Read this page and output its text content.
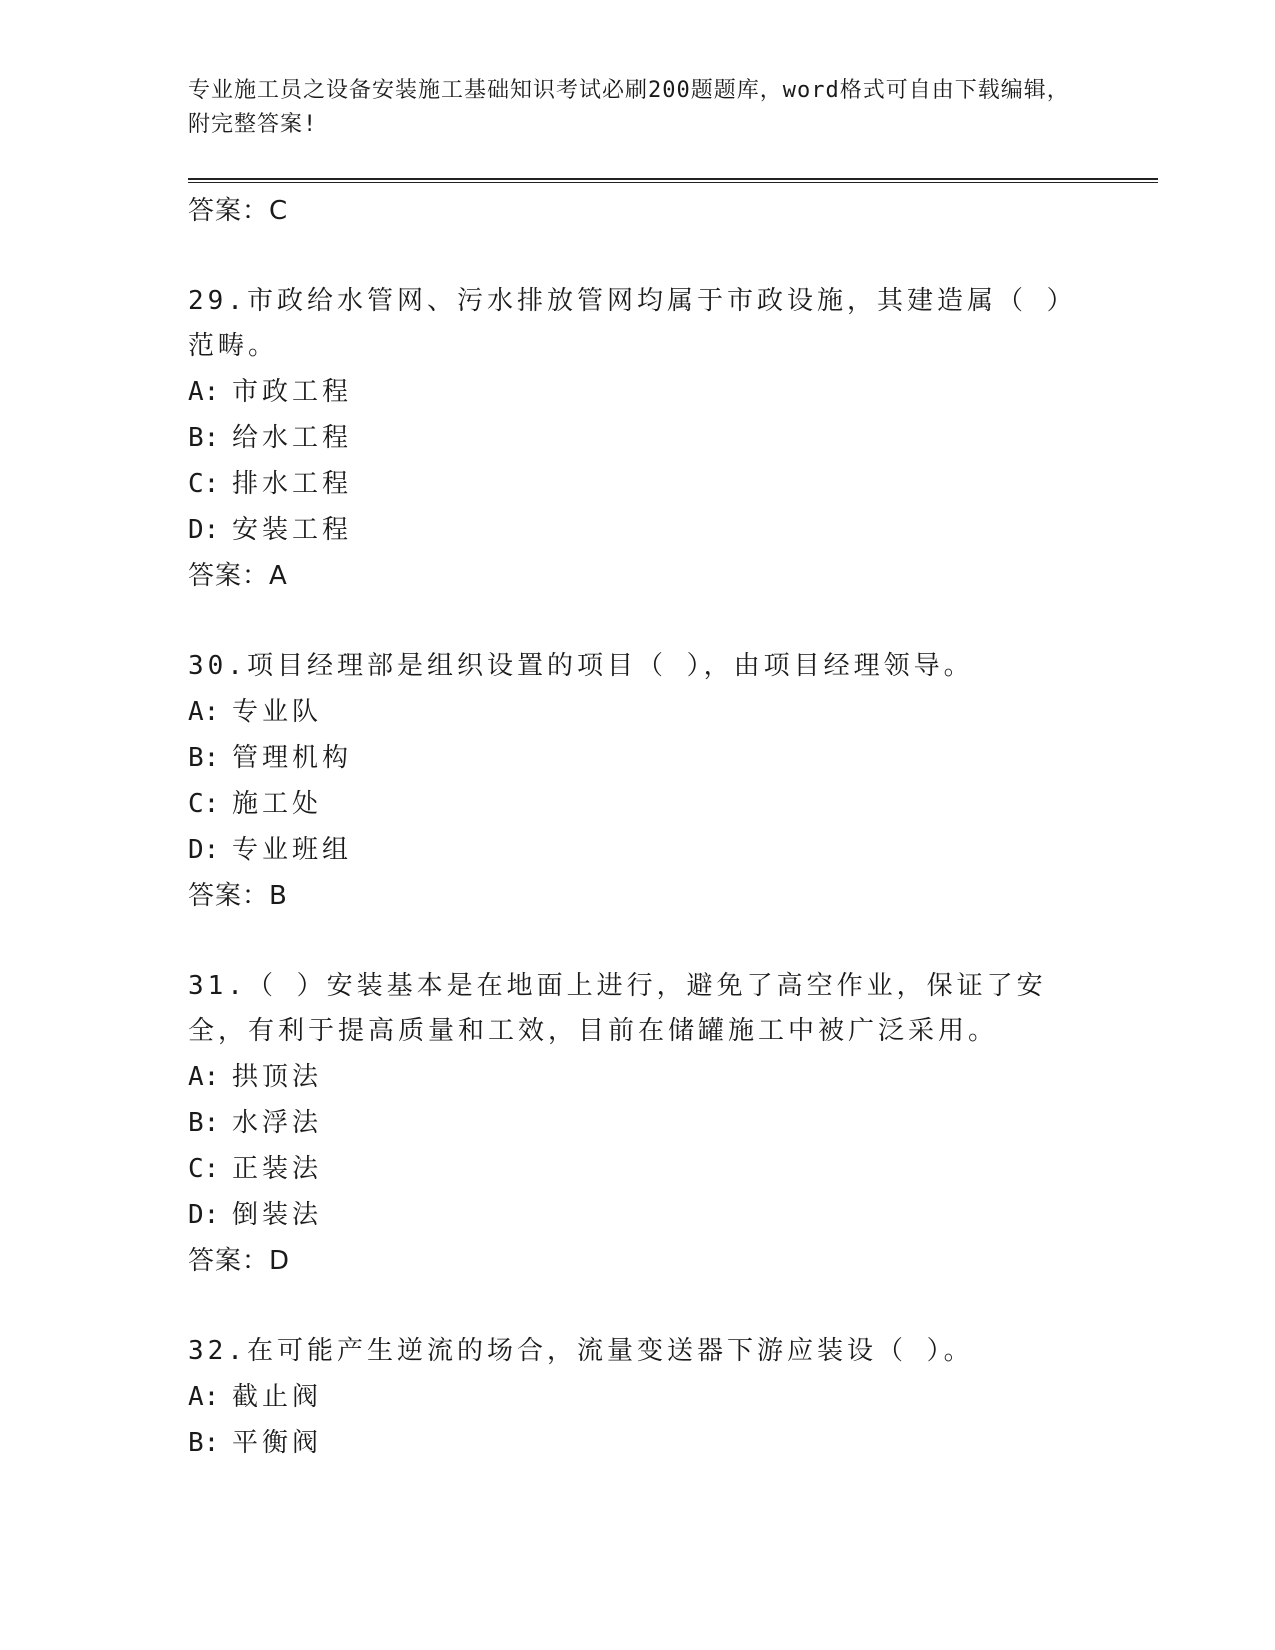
专业施工员之设备安装施工基础知识考试必刷200题题库，word格式可自由下载编辑，附完整答案!
答案：C
29.市政给水管网、污水排放管网均属于市政设施，其建造属（ ）范畴。
A: 市政工程
B: 给水工程
C: 排水工程
D: 安装工程
答案：A
30.项目经理部是组织设置的项目（ ），由项目经理领导。
A: 专业队
B: 管理机构
C: 施工处
D: 专业班组
答案：B
31.（ ）安装基本是在地面上进行，避免了高空作业，保证了安全，有利于提高质量和工效，目前在储罐施工中被广泛采用。
A: 拱顶法
B: 水浮法
C: 正装法
D: 倒装法
答案：D
32.在可能产生逆流的场合，流量变送器下游应装设（ ）。
A: 截止阀
B: 平衡阀
